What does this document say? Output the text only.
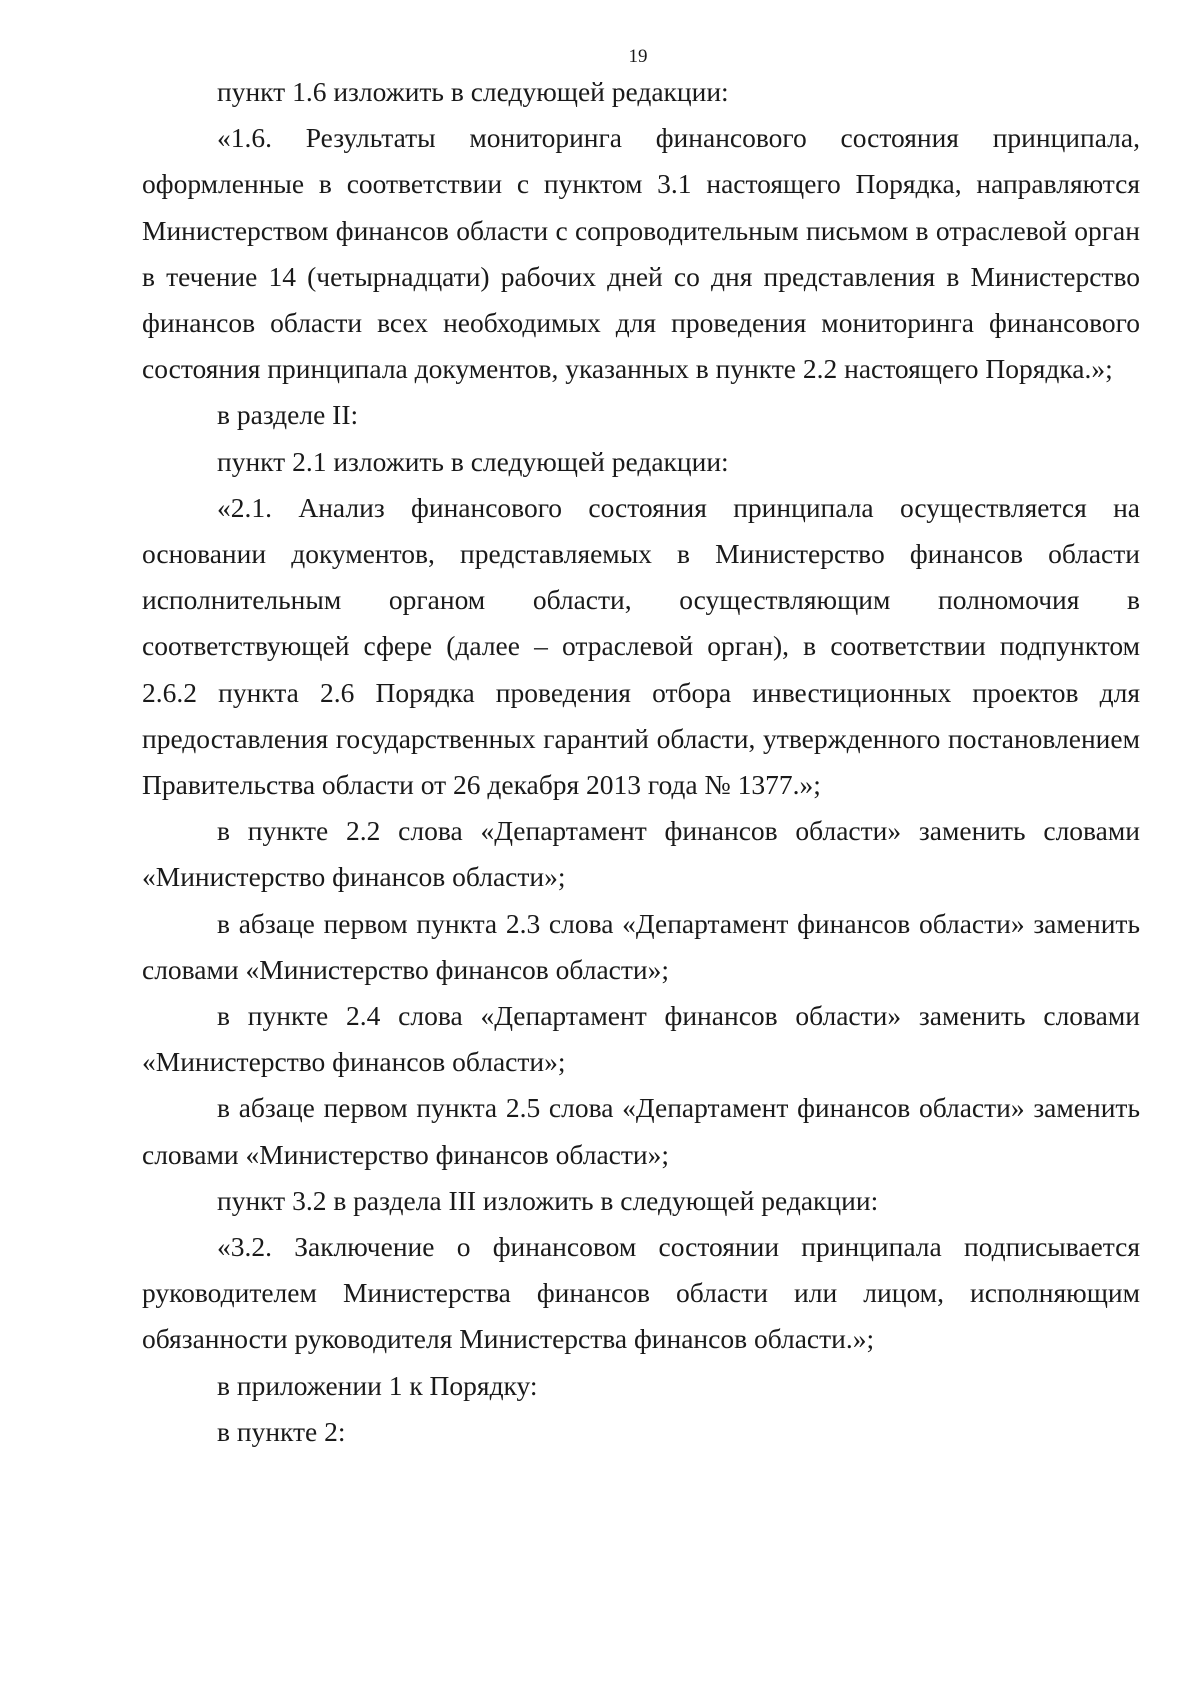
19

пункт 1.6 изложить в следующей редакции:

«1.6. Результаты мониторинга финансового состояния принципала, оформленные в соответствии с пунктом 3.1 настоящего Порядка, направляются Министерством финансов области с сопроводительным письмом в отраслевой орган в течение 14 (четырнадцати) рабочих дней со дня представления в Министерство финансов области всех необходимых для проведения мониторинга финансового состояния принципала документов, указанных в пункте 2.2 настоящего Порядка.»;

в разделе II:

пункт 2.1 изложить в следующей редакции:

«2.1. Анализ финансового состояния принципала осуществляется на основании документов, представляемых в Министерство финансов области исполнительным органом области, осуществляющим полномочия в соответствующей сфере (далее – отраслевой орган), в соответствии подпунктом 2.6.2 пункта 2.6 Порядка проведения отбора инвестиционных проектов для предоставления государственных гарантий области, утвержденного постановлением Правительства области от 26 декабря 2013 года № 1377.»;

в пункте 2.2 слова «Департамент финансов области» заменить словами «Министерство финансов области»;

в абзаце первом пункта 2.3 слова «Департамент финансов области» заменить словами «Министерство финансов области»;

в пункте 2.4 слова «Департамент финансов области» заменить словами «Министерство финансов области»;

в абзаце первом пункта 2.5 слова «Департамент финансов области» заменить словами «Министерство финансов области»;

пункт 3.2 в раздела III изложить в следующей редакции:

«3.2. Заключение о финансовом состоянии принципала подписывается руководителем Министерства финансов области или лицом, исполняющим обязанности руководителя Министерства финансов области.»;

в приложении 1 к Порядку:

в пункте 2:
